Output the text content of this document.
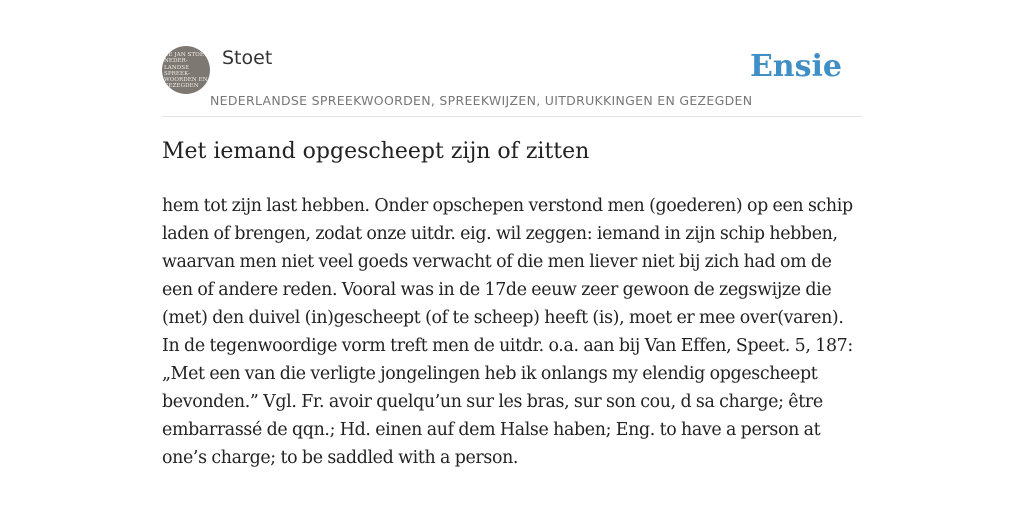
DE JAN STOET
NEDER-
LANDSE
SPREEK-
WOORDEN EN
GEZEGDEN
Stoet
NEDERLANDSE SPREEKWOORDEN, SPREEKWIJZEN, UITDRUKKINGEN EN GEZEGDEN
Ensie
Met iemand opgescheept zijn of zitten

hem tot zijn last hebben. Onder opschepen verstond men (goederen) op een schip laden of brengen, zodat onze uitdr. eig. wil zeggen: iemand in zijn schip hebben, waarvan men niet veel goeds verwacht of die men liever niet bij zich had om de een of andere reden. Vooral was in de 17de eeuw zeer gewoon de zegswijze die (met) den duivel (in)gescheept (of te scheep) heeft (is), moet er mee over(varen). In de tegenwoordige vorm treft men de uitdr. o.a. aan bij Van Effen, Speet. 5, 187: „Met een van die verligte jongelingen heb ik onlangs my elendig opgescheept bevonden.” Vgl. Fr. avoir quelqu’un sur les bras, sur son cou, d sa charge; être embarrassé de qqn.; Hd. einen auf dem Halse haben; Eng. to have a person at one’s charge; to be saddled with a person.
